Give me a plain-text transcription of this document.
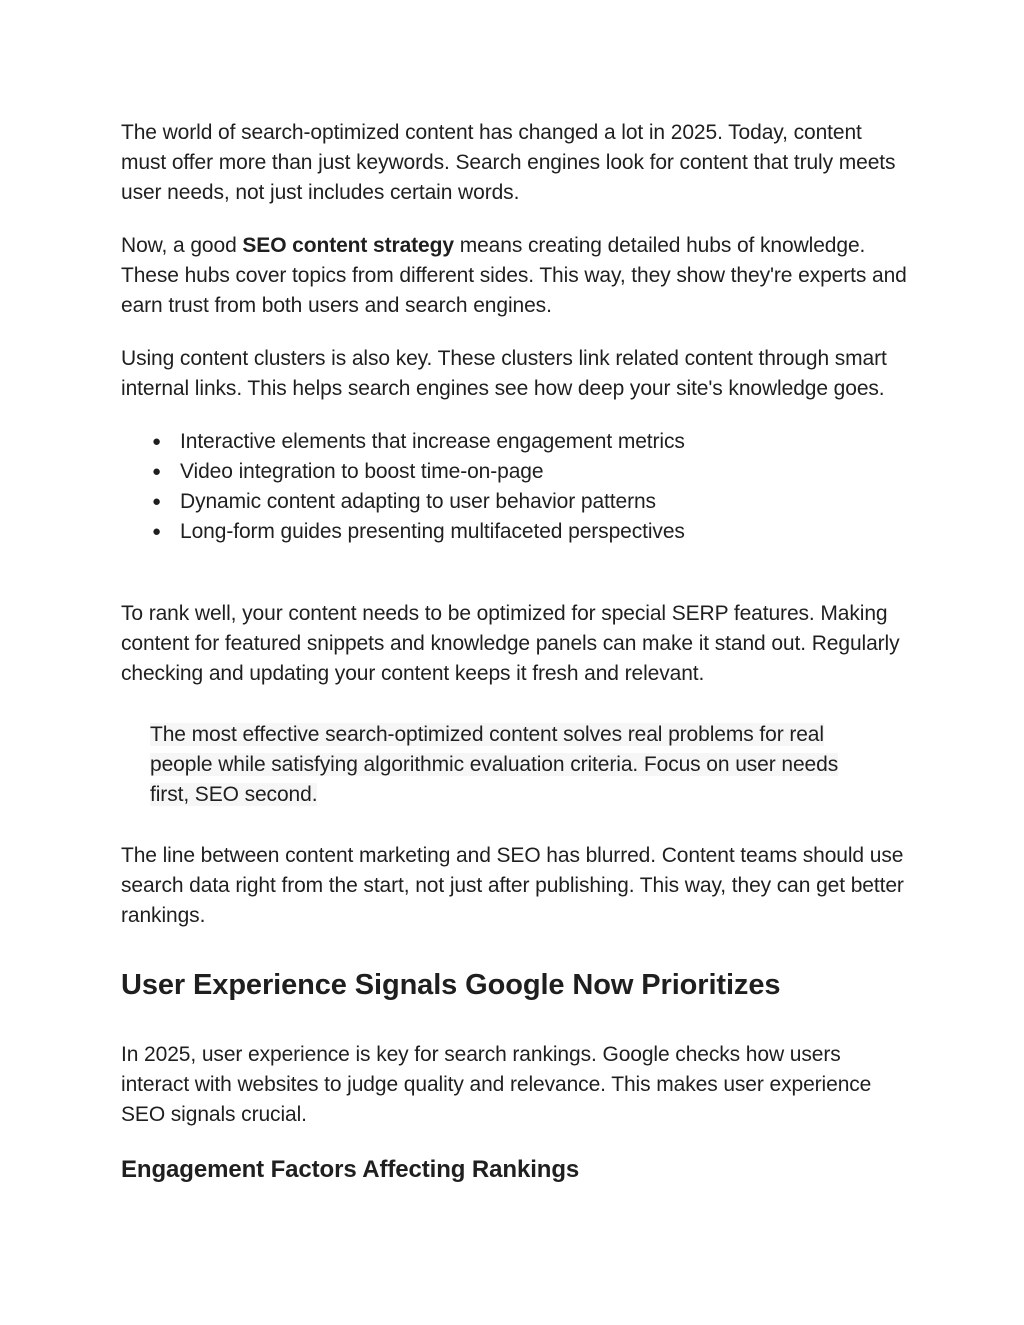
The world of search-optimized content has changed a lot in 2025. Today, content must offer more than just keywords. Search engines look for content that truly meets user needs, not just includes certain words.

Now, a good SEO content strategy means creating detailed hubs of knowledge. These hubs cover topics from different sides. This way, they show they're experts and earn trust from both users and search engines.

Using content clusters is also key. These clusters link related content through smart internal links. This helps search engines see how deep your site's knowledge goes.

● Interactive elements that increase engagement metrics
● Video integration to boost time-on-page
● Dynamic content adapting to user behavior patterns
● Long-form guides presenting multifaceted perspectives

To rank well, your content needs to be optimized for special SERP features. Making content for featured snippets and knowledge panels can make it stand out. Regularly checking and updating your content keeps it fresh and relevant.

The most effective search-optimized content solves real problems for real people while satisfying algorithmic evaluation criteria. Focus on user needs first, SEO second.

The line between content marketing and SEO has blurred. Content teams should use search data right from the start, not just after publishing. This way, they can get better rankings.

User Experience Signals Google Now Prioritizes

In 2025, user experience is key for search rankings. Google checks how users interact with websites to judge quality and relevance. This makes user experience SEO signals crucial.

Engagement Factors Affecting Rankings
